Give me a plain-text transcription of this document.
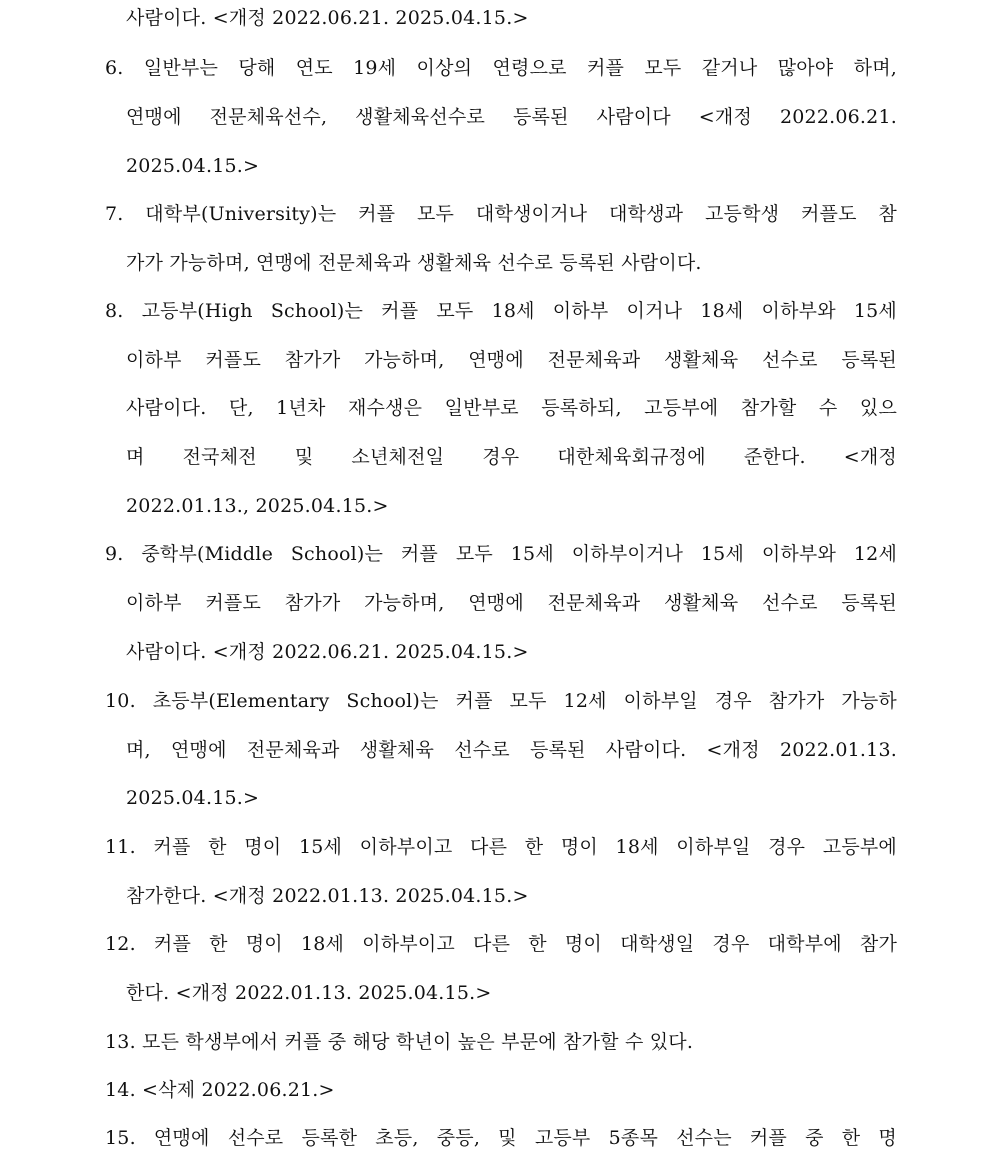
사람이다. <개정 2022.06.21. 2025.04.15.>
6. 일반부는 당해 연도 19세 이상의 연령으로 커플 모두 같거나 많아야 하며,
연맹에 전문체육선수, 생활체육선수로 등록된 사람이다 <개정 2022.06.21.
2025.04.15.>
7. 대학부(University)는 커플 모두 대학생이거나 대학생과 고등학생 커플도 참
가가 가능하며, 연맹에 전문체육과 생활체육 선수로 등록된 사람이다.
8. 고등부(High School)는 커플 모두 18세 이하부 이거나 18세 이하부와 15세
이하부 커플도 참가가 가능하며, 연맹에 전문체육과 생활체육 선수로 등록된
사람이다. 단, 1년차 재수생은 일반부로 등록하되, 고등부에 참가할 수 있으
며 전국체전 및 소년체전일 경우 대한체육회규정에 준한다. <개정
2022.01.13., 2025.04.15.>
9. 중학부(Middle School)는 커플 모두 15세 이하부이거나 15세 이하부와 12세
이하부 커플도 참가가 가능하며, 연맹에 전문체육과 생활체육 선수로 등록된
사람이다. <개정 2022.06.21. 2025.04.15.>
10. 초등부(Elementary School)는 커플 모두 12세 이하부일 경우 참가가 가능하
며, 연맹에 전문체육과 생활체육 선수로 등록된 사람이다. <개정 2022.01.13.
2025.04.15.>
11. 커플 한 명이 15세 이하부이고 다른 한 명이 18세 이하부일 경우 고등부에
참가한다. <개정 2022.01.13. 2025.04.15.>
12. 커플 한 명이 18세 이하부이고 다른 한 명이 대학생일 경우 대학부에 참가
한다. <개정 2022.01.13. 2025.04.15.>
13. 모든 학생부에서 커플 중 해당 학년이 높은 부문에 참가할 수 있다.
14. <삭제 2022.06.21.>
15. 연맹에 선수로 등록한 초등, 중등, 및 고등부 5종목 선수는 커플 중 한 명
